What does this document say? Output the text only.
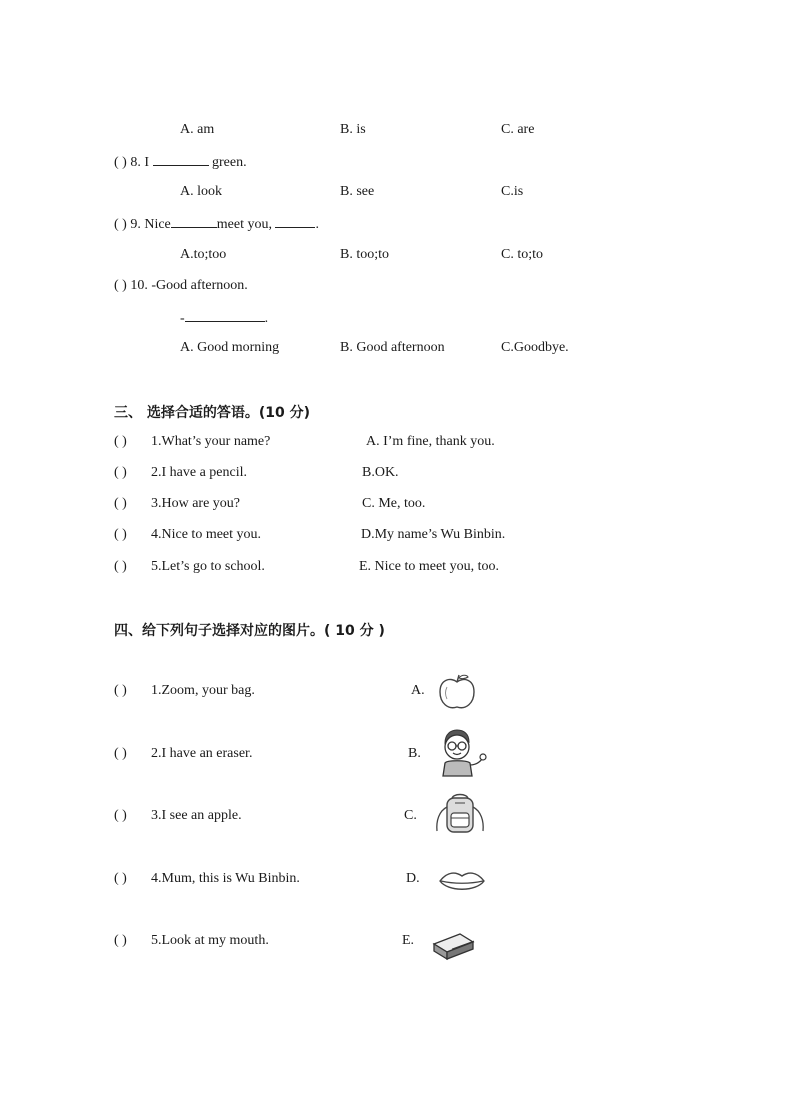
A. am	B. is	C. are
( ) 8. I	green.
A. look	B. see	C.is
( ) 9. Nice	meet you,	.
A.to;too	B. too;to	C. to;to
( ) 10. -Good afternoon.
-	.
A. Good morning	B. Good afternoon	C.Goodbye.
三、 选择合适的答语。(10 分)
( ) 1.What’s your name?	A. I’m fine, thank you.
( ) 2.I have a pencil.	B.OK.
( ) 3.How are you?	C. Me, too.
( ) 4.Nice to meet you.	D.My name’s Wu Binbin.
( ) 5.Let’s go to school.	E. Nice to meet you, too.
四、给下列句子选择对应的图片。( 10 分 )
( ) 1.Zoom, your bag.	A.
( ) 2.I have an eraser.	B.
( ) 3.I see an apple.	C.
( ) 4.Mum, this is Wu Binbin.	D.
( ) 5.Look at my mouth.	E.
